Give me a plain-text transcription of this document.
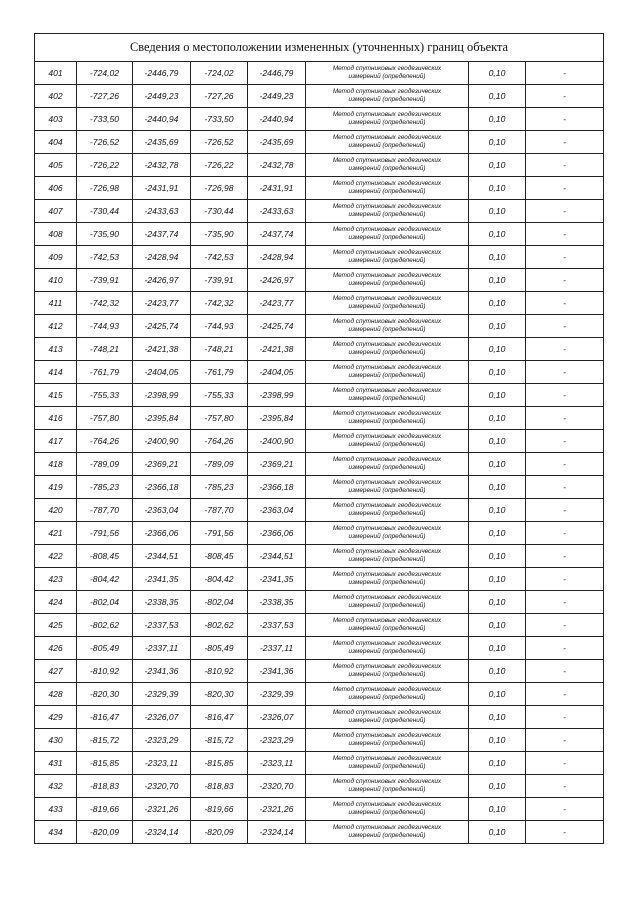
Сведения о местоположении измененных (уточненных) границ объекта							
401	-724,02	-2446,79	-724,02	-2446,79	Метод спутниковых геодезических
измерений (определений)	0,10	-
402	-727,26	-2449,23	-727,26	-2449,23	Метод спутниковых геодезических
измерений (определений)	0,10	-
403	-733,50	-2440,94	-733,50	-2440,94	Метод спутниковых геодезических
измерений (определений)	0,10	-
404	-726,52	-2435,69	-726,52	-2435,69	Метод спутниковых геодезических
измерений (определений)	0,10	-
405	-726,22	-2432,78	-726,22	-2432,78	Метод спутниковых геодезических
измерений (определений)	0,10	-
406	-726,98	-2431,91	-726,98	-2431,91	Метод спутниковых геодезических
измерений (определений)	0,10	-
407	-730,44	-2433,63	-730,44	-2433,63	Метод спутниковых геодезических
измерений (определений)	0,10	-
408	-735,90	-2437,74	-735,90	-2437,74	Метод спутниковых геодезических
измерений (определений)	0,10	-
409	-742,53	-2428,94	-742,53	-2428,94	Метод спутниковых геодезических
измерений (определений)	0,10	-
410	-739,91	-2426,97	-739,91	-2426,97	Метод спутниковых геодезических
измерений (определений)	0,10	-
411	-742,32	-2423,77	-742,32	-2423,77	Метод спутниковых геодезических
измерений (определений)	0,10	-
412	-744,93	-2425,74	-744,93	-2425,74	Метод спутниковых геодезических
измерений (определений)	0,10	-
413	-748,21	-2421,38	-748,21	-2421,38	Метод спутниковых геодезических
измерений (определений)	0,10	-
414	-761,79	-2404,05	-761,79	-2404,05	Метод спутниковых геодезических
измерений (определений)	0,10	-
415	-755,33	-2398,99	-755,33	-2398,99	Метод спутниковых геодезических
измерений (определений)	0,10	-
416	-757,80	-2395,84	-757,80	-2395,84	Метод спутниковых геодезических
измерений (определений)	0,10	-
417	-764,26	-2400,90	-764,26	-2400,90	Метод спутниковых геодезических
измерений (определений)	0,10	-
418	-789,09	-2369,21	-789,09	-2369,21	Метод спутниковых геодезических
измерений (определений)	0,10	-
419	-785,23	-2366,18	-785,23	-2366,18	Метод спутниковых геодезических
измерений (определений)	0,10	-
420	-787,70	-2363,04	-787,70	-2363,04	Метод спутниковых геодезических
измерений (определений)	0,10	-
421	-791,56	-2366,06	-791,56	-2366,06	Метод спутниковых геодезических
измерений (определений)	0,10	-
422	-808,45	-2344,51	-808,45	-2344,51	Метод спутниковых геодезических
измерений (определений)	0,10	-
423	-804,42	-2341,35	-804,42	-2341,35	Метод спутниковых геодезических
измерений (определений)	0,10	-
424	-802,04	-2338,35	-802,04	-2338,35	Метод спутниковых геодезических
измерений (определений)	0,10	-
425	-802,62	-2337,53	-802,62	-2337,53	Метод спутниковых геодезических
измерений (определений)	0,10	-
426	-805,49	-2337,11	-805,49	-2337,11	Метод спутниковых геодезических
измерений (определений)	0,10	-
427	-810,92	-2341,36	-810,92	-2341,36	Метод спутниковых геодезических
измерений (определений)	0,10	-
428	-820,30	-2329,39	-820,30	-2329,39	Метод спутниковых геодезических
измерений (определений)	0,10	-
429	-816,47	-2326,07	-816,47	-2326,07	Метод спутниковых геодезических
измерений (определений)	0,10	-
430	-815,72	-2323,29	-815,72	-2323,29	Метод спутниковых геодезических
измерений (определений)	0,10	-
431	-815,85	-2323,11	-815,85	-2323,11	Метод спутниковых геодезических
измерений (определений)	0,10	-
432	-818,83	-2320,70	-818,83	-2320,70	Метод спутниковых геодезических
измерений (определений)	0,10	-
433	-819,66	-2321,26	-819,66	-2321,26	Метод спутниковых геодезических
измерений (определений)	0,10	-
434	-820,09	-2324,14	-820,09	-2324,14	Метод спутниковых геодезических
измерений (определений)	0,10	-
